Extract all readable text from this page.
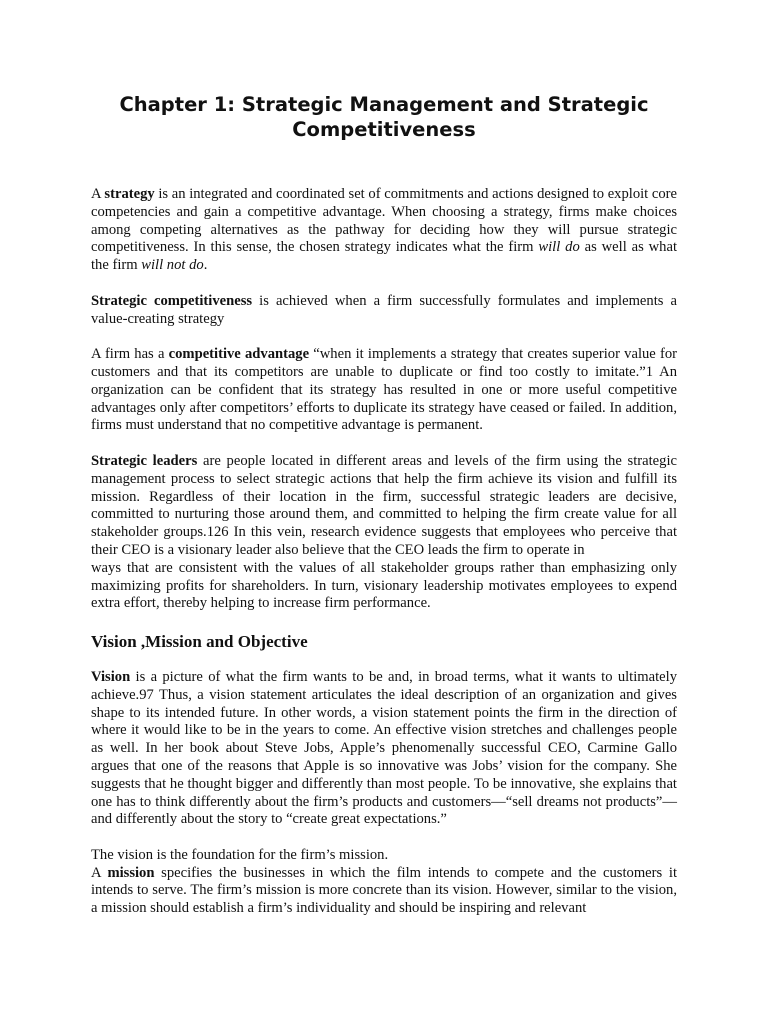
Chapter 1: Strategic Management and Strategic Competitiveness

A strategy is an integrated and coordinated set of commitments and actions designed to exploit core competencies and gain a competitive advantage. When choosing a strategy, firms make choices among competing alternatives as the pathway for deciding how they will pursue strategic competitiveness. In this sense, the chosen strategy indicates what the firm will do as well as what the firm will not do.

Strategic competitiveness is achieved when a firm successfully formulates and implements a value-creating strategy

A firm has a competitive advantage “when it implements a strategy that creates superior value for customers and that its competitors are unable to duplicate or find too costly to imitate.”1 An organization can be confident that its strategy has resulted in one or more useful competitive advantages only after competitors’ efforts to duplicate its strategy have ceased or failed. In addition, firms must understand that no competitive advantage is permanent.

Strategic leaders are people located in different areas and levels of the firm using the strategic management process to select strategic actions that help the firm achieve its vision and fulfill its mission. Regardless of their location in the firm, successful strategic leaders are decisive, committed to nurturing those around them, and committed to helping the firm create value for all stakeholder groups.126 In this vein, research evidence suggests that employees who perceive that their CEO is a visionary leader also believe that the CEO leads the firm to operate in

ways that are consistent with the values of all stakeholder groups rather than emphasizing only maximizing profits for shareholders. In turn, visionary leadership motivates employees to expend extra effort, thereby helping to increase firm performance.

Vision ,Mission and Objective

Vision is a picture of what the firm wants to be and, in broad terms, what it wants to ultimately achieve.97 Thus, a vision statement articulates the ideal description of an organization and gives shape to its intended future. In other words, a vision statement points the firm in the direction of where it would like to be in the years to come. An effective vision stretches and challenges people as well. In her book about Steve Jobs, Apple’s phenomenally successful CEO, Carmine Gallo argues that one of the reasons that Apple is so innovative was Jobs’ vision for the company. She suggests that he thought bigger and differently than most people. To be innovative, she explains that one has to think differently about the firm’s products and customers—“sell dreams not products”—and differently about the story to “create great expectations.”

The vision is the foundation for the firm’s mission.

A mission specifies the businesses in which the film intends to compete and the customers it intends to serve. The firm’s mission is more concrete than its vision. However, similar to the vision, a mission should establish a firm’s individuality and should be inspiring and relevant
